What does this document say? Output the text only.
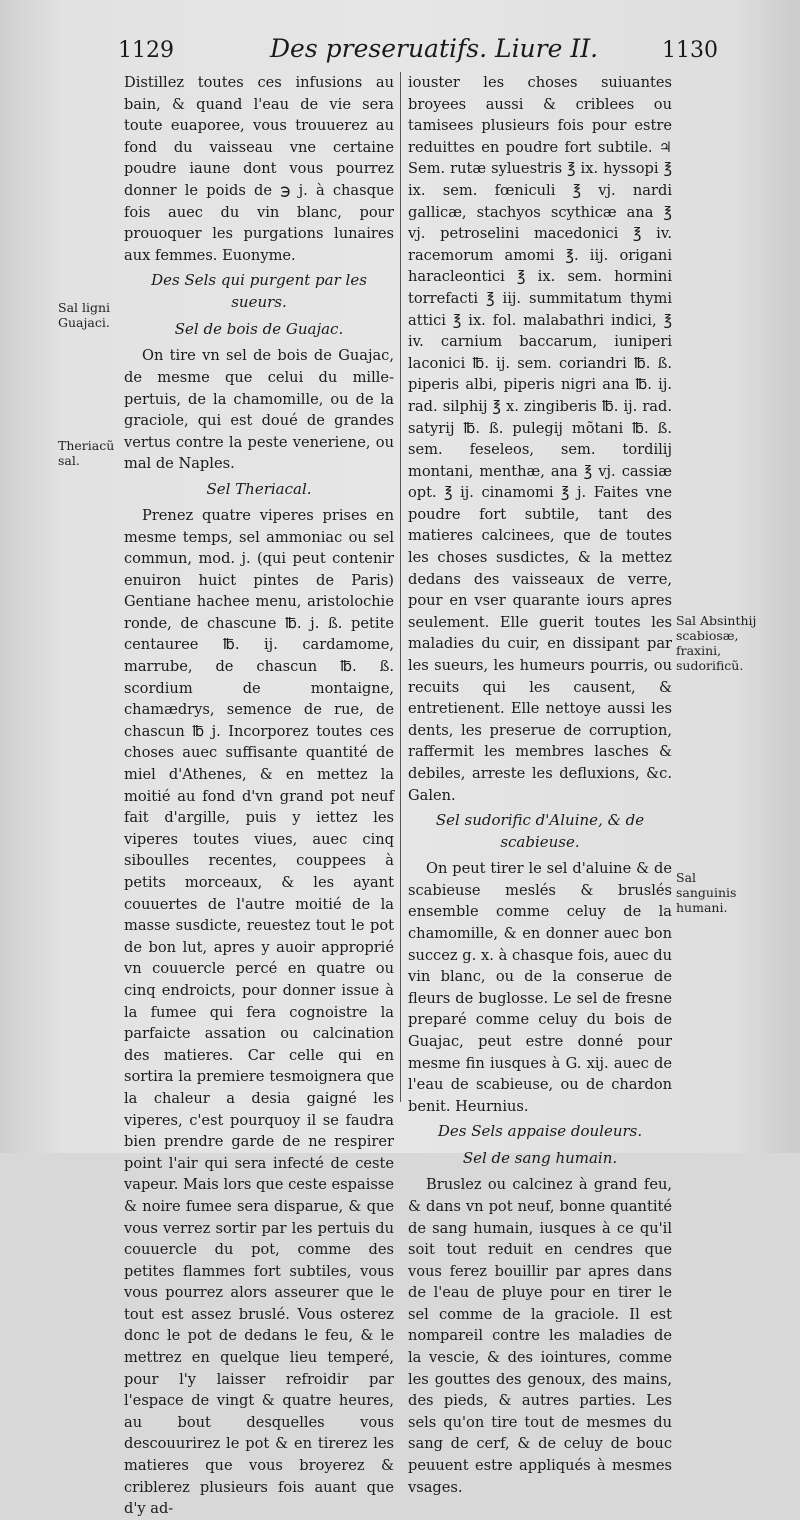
1129	Des preseruatifs. Liure II.	1130

Distillez toutes ces infusions au bain, & quand l'eau de vie sera toute euaporee, vous trouuerez au fond du vaisseau vne certaine poudre iaune dont vous pourrez donner le poids de ℈ j. à chasque fois auec du vin blanc, pour prouoquer les purgations lunaires aux femmes. Euonyme.

Des Sels qui purgent par les sueurs.
Sel de bois de Guajac.

On tire vn sel de bois de Guajac, de mesme que celui du mille-pertuis, de la chamomille, ou de la graciole, qui est doué de grandes vertus contre la peste veneriene, ou mal de Naples.

Sel Theriacal.

Prenez quatre viperes prises en mesme temps, sel ammoniac ou sel commun, mod. j. (qui peut contenir enuiron huict pintes de Paris) Gentiane hachee menu, aristolochie ronde, de chascune ℔. j. ß. petite centauree ℔. ij. cardamome, marrube, de chascun ℔. ß. scordium de montaigne, chamædrys, semence de rue, de chascun ℔ j. Incorporez toutes ces choses auec suffisante quantité de miel d'Athenes, & en mettez la moitié au fond d'vn grand pot neuf fait d'argille, puis y iettez les viperes toutes viues, auec cinq siboulles recentes, couppees à petits morceaux, & les ayant couuertes de l'autre moitié de la masse susdicte, reuestez tout le pot de bon lut, apres y auoir approprié vn couuercle percé en quatre ou cinq endroicts, pour donner issue à la fumee qui fera cognoistre la parfaicte assation ou calcination des matieres. Car celle qui en sortira la premiere tesmoignera que la chaleur a desia gaigné les viperes, c'est pourquoy il se faudra bien prendre garde de ne respirer point l'air qui sera infecté de ceste vapeur. Mais lors que ceste espaisse & noire fumee sera disparue, & que vous verrez sortir par les pertuis du couuercle du pot, comme des petites flammes fort subtiles, vous vous pourrez alors asseurer que le tout est assez bruslé. Vous osterez donc le pot de dedans le feu, & le mettrez en quelque lieu temperé, pour l'y laisser refroidir par l'espace de vingt & quatre heures, au bout desquelles vous descouurirez le pot & en tirerez les matieres que vous broyerez & criblerez plusieurs fois auant que d'y ad-

iouster les choses suiuantes broyees aussi & criblees ou tamisees plusieurs fois pour estre reduittes en poudre fort subtile. ♃ Sem. rutæ syluestris ℥ ix. hyssopi ℥ ix. sem. fœniculi ℥ vj. nardi gallicæ, stachyos scythicæ ana ℥ vj. petroselini macedonici ℥ iv. racemorum amomi ℥. iij. origani haracleontici ℥ ix. sem. hormini torrefacti ℥ iij. summitatum thymi attici ℥ ix. fol. malabathri indici, ℥ iv. carnium baccarum, iuniperi laconici ℔. ij. sem. coriandri ℔. ß. piperis albi, piperis nigri ana ℔. ij. rad. silphij ℥ x. zingiberis ℔. ij. rad. satyrij ℔. ß. pulegij mõtani ℔. ß. sem. feseleos, sem. tordilij montani, menthæ, ana ℥ vj. cassiæ opt. ℥ ij. cinamomi ℥ j. Faites vne poudre fort subtile, tant des matieres calcinees, que de toutes les choses susdictes, & la mettez dedans des vaisseaux de verre, pour en vser quarante iours apres seulement. Elle guerit toutes les maladies du cuir, en dissipant par les sueurs, les humeurs pourris, ou recuits qui les causent, & entretienent. Elle nettoye aussi les dents, les preserue de corruption, raffermit les membres lasches & debiles, arreste les defluxions, &c. Galen.

Sel sudorific d'Aluine, & de scabieuse.

On peut tirer le sel d'aluine & de scabieuse meslés & bruslés ensemble comme celuy de la chamomille, & en donner auec bon succez g. x. à chasque fois, auec du vin blanc, ou de la conserue de fleurs de buglosse. Le sel de fresne preparé comme celuy du bois de Guajac, peut estre donné pour mesme fin iusques à G. xij. auec de l'eau de scabieuse, ou de chardon benit. Heurnius.

Des Sels appaise douleurs.
Sel de sang humain.

Bruslez ou calcinez à grand feu, & dans vn pot neuf, bonne quantité de sang humain, iusques à ce qu'il soit tout reduit en cendres que vous ferez bouillir par apres dans de l'eau de pluye pour en tirer le sel comme de la graciole. Il est nompareil contre les maladies de la vescie, & des iointures, comme les gouttes des genoux, des mains, des pieds, & autres parties. Les sels qu'on tire tout de mesmes du sang de cerf, & de celuy de bouc peuuent estre appliqués à mesmes vsages.

Sal ligni Guajaci.
Theriacũ sal.
Sal Absinthij scabiosæ, fraxini, sudorificũ.
Sal sanguinis humani.
